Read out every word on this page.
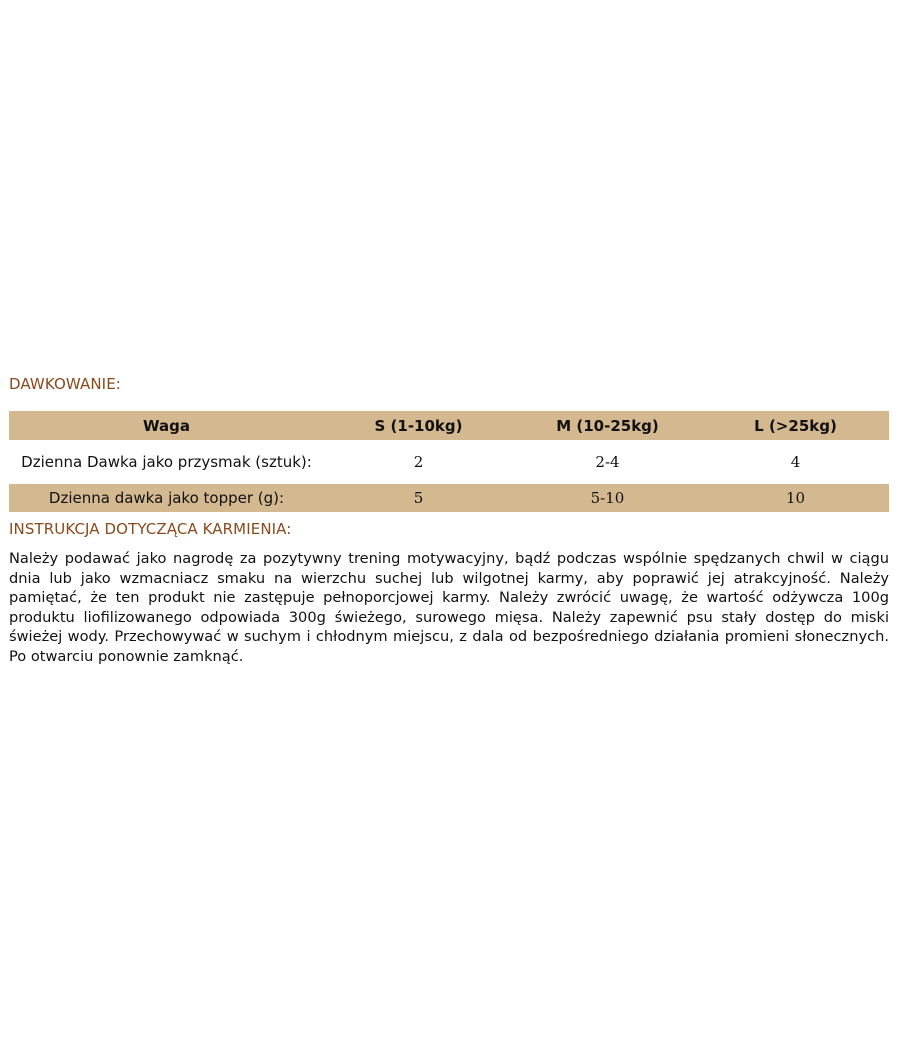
DAWKOWANIE:
Waga	S (1-10kg)	M (10-25kg)	L (>25kg)
Dzienna Dawka jako przysmak (sztuk):	2	2-4	4
Dzienna dawka jako topper (g):	5	5-10	10
INSTRUKCJA DOTYCZĄCA KARMIENIA:

Należy podawać jako nagrodę za pozytywny trening motywacyjny, bądź podczas wspólnie spędzanych chwil w ciągu dnia lub jako wzmacniacz smaku na wierzchu suchej lub wilgotnej karmy, aby poprawić jej atrakcyjność. Należy pamiętać, że ten produkt nie zastępuje pełnoporcjowej karmy. Należy zwrócić uwagę, że wartość odżywcza 100g produktu liofilizowanego odpowiada 300g świeżego, surowego mięsa. Należy zapewnić psu stały dostęp do miski świeżej wody. Przechowywać w suchym i chłodnym miejscu, z dala od bezpośredniego działania promieni słonecznych. Po otwarciu ponownie zamknąć.
